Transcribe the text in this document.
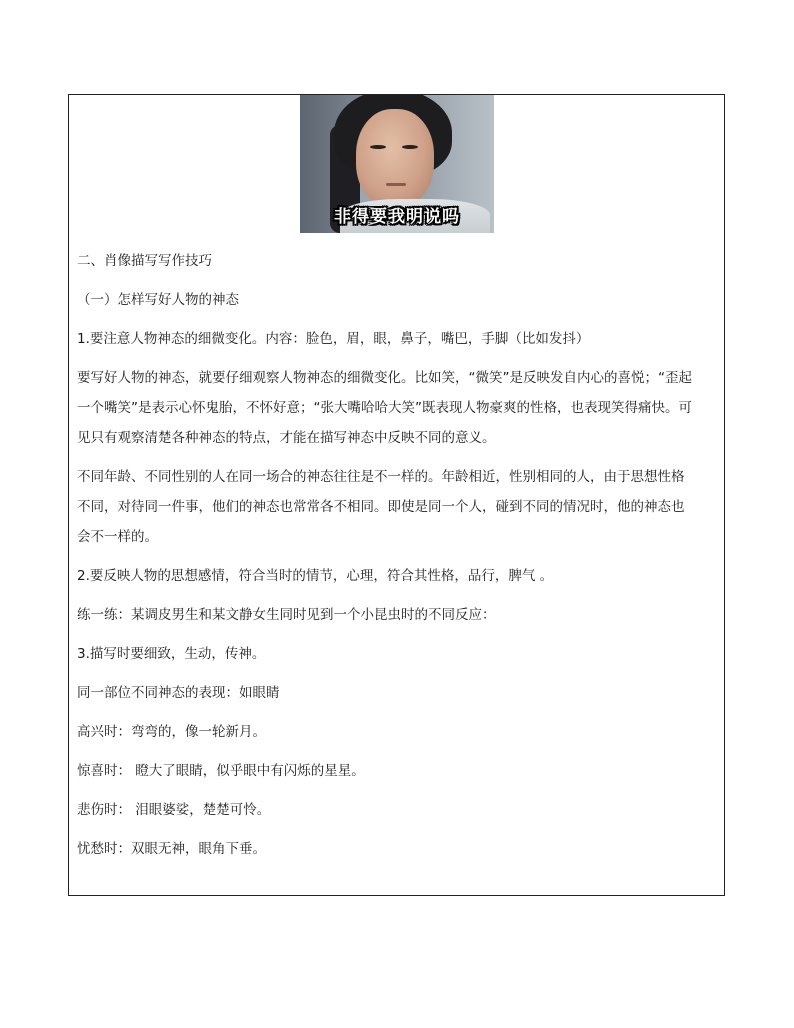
非得要我明说吗

二、肖像描写写作技巧

（一）怎样写好人物的神态

1.要注意人物神态的细微变化。内容：脸色，眉，眼，鼻子，嘴巴，手脚（比如发抖）

要写好人物的神态，就要仔细观察人物神态的细微变化。比如笑，“微笑”是反映发自内心的喜悦；“歪起

一个嘴笑”是表示心怀鬼胎，不怀好意；“张大嘴哈哈大笑”既表现人物豪爽的性格，也表现笑得痛快。可

见只有观察清楚各种神态的特点，才能在描写神态中反映不同的意义。

不同年龄、不同性别的人在同一场合的神态往往是不一样的。年龄相近，性别相同的人，由于思想性格

不同，对待同一件事，他们的神态也常常各不相同。即使是同一个人，碰到不同的情况时，他的神态也

会不一样的。

2.要反映人物的思想感情，符合当时的情节，心理，符合其性格，品行，脾气 。

练一练：某调皮男生和某文静女生同时见到一个小昆虫时的不同反应：

3.描写时要细致，生动，传神。

同一部位不同神态的表现：如眼睛

高兴时：弯弯的，像一轮新月。

惊喜时： 瞪大了眼睛，似乎眼中有闪烁的星星。

悲伤时： 泪眼婆娑，楚楚可怜。

忧愁时：双眼无神，眼角下垂。
